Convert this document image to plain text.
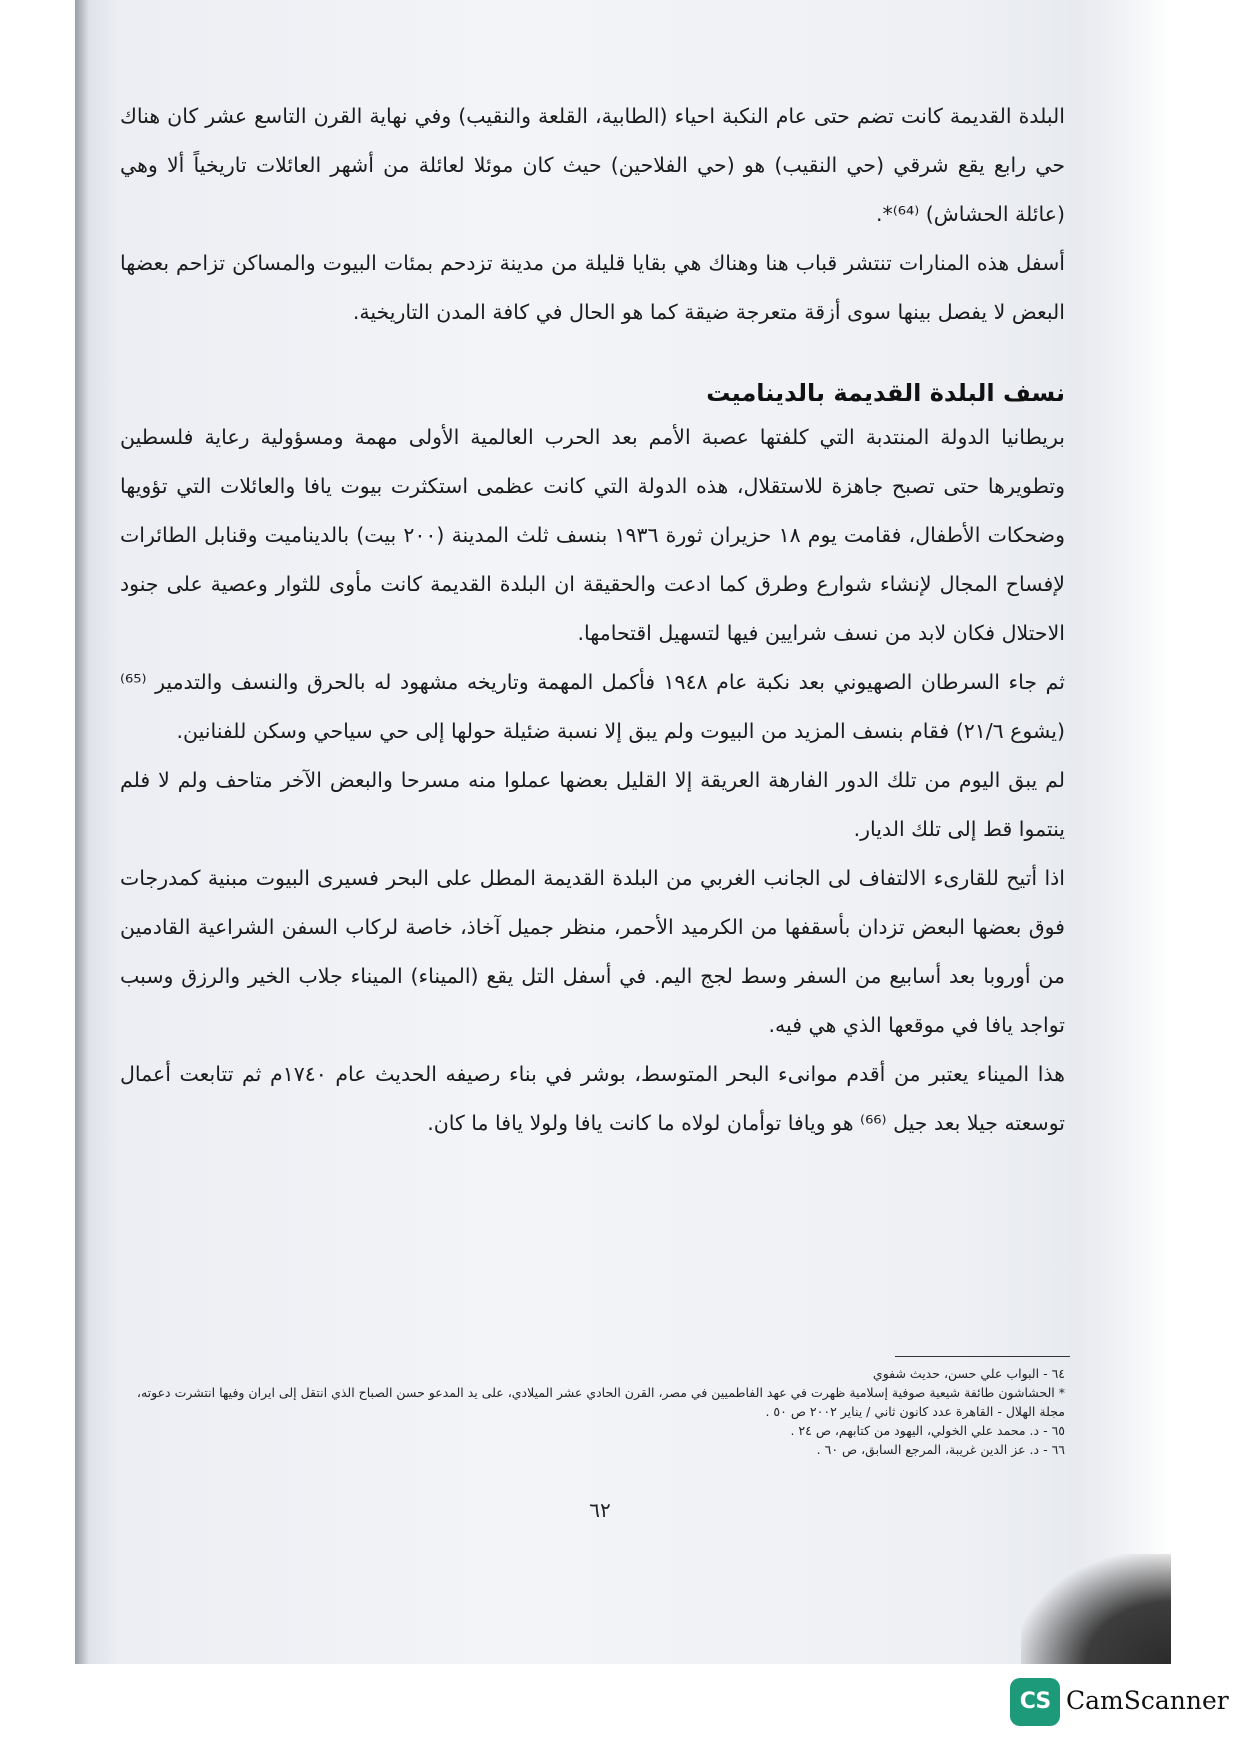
البلدة القديمة كانت تضم حتى عام النكبة احياء (الطابية، القلعة والنقيب) وفي نهاية القرن التاسع عشر كان هناك حي رابع يقع شرقي (حي النقيب) هو (حي الفلاحين) حيث كان موئلا لعائلة من أشهر العائلات تاريخياً ألا وهي (عائلة الحشاش) ⁽⁶⁴⁾*.

أسفل هذه المنارات تنتشر قباب هنا وهناك هي بقايا قليلة من مدينة تزدحم بمئات البيوت والمساكن تزاحم بعضها البعض لا يفصل بينها سوى أزقة متعرجة ضيقة كما هو الحال في كافة المدن التاريخية.

نسف البلدة القديمة بالديناميت

بريطانيا الدولة المنتدبة التي كلفتها عصبة الأمم بعد الحرب العالمية الأولى مهمة ومسؤولية رعاية فلسطين وتطويرها حتى تصبح جاهزة للاستقلال، هذه الدولة التي كانت عظمى استكثرت بيوت يافا والعائلات التي تؤويها وضحكات الأطفال، فقامت يوم ١٨ حزيران ثورة ١٩٣٦ بنسف ثلث المدينة (٢٠٠ بيت) بالديناميت وقنابل الطائرات لإفساح المجال لإنشاء شوارع وطرق كما ادعت والحقيقة ان البلدة القديمة كانت مأوى للثوار وعصية على جنود الاحتلال فكان لابد من نسف شرايين فيها لتسهيل اقتحامها.

ثم جاء السرطان الصهيوني بعد نكبة عام ١٩٤٨ فأكمل المهمة وتاريخه مشهود له بالحرق والنسف والتدمير ⁽⁶⁵⁾ (يشوع ٢١/٦) فقام بنسف المزيد من البيوت ولم يبق إلا نسبة ضئيلة حولها إلى حي سياحي وسكن للفنانين.

لم يبق اليوم من تلك الدور الفارهة العريقة إلا القليل بعضها عملوا منه مسرحا والبعض الآخر متاحف ولم لا فلم ينتموا قط إلى تلك الديار.

اذا أتيح للقارىء الالتفاف لى الجانب الغربي من البلدة القديمة المطل على البحر فسيرى البيوت مبنية كمدرجات فوق بعضها البعض تزدان بأسقفها من الكرميد الأحمر، منظر جميل آخاذ، خاصة لركاب السفن الشراعية القادمين من أوروبا بعد أسابيع من السفر وسط لجج اليم. في أسفل التل يقع (الميناء) الميناء جلاب الخير والرزق وسبب تواجد يافا في موقعها الذي هي فيه.

هذا الميناء يعتبر من أقدم موانىء البحر المتوسط، بوشر في بناء رصيفه الحديث عام ١٧٤٠م ثم تتابعت أعمال توسعته جيلا بعد جيل ⁽⁶⁶⁾ هو ويافا توأمان لولاه ما كانت يافا ولولا يافا ما كان.

٦٤ - البواب علي حسن، حديث شفوي
* الحشاشون طائفة شيعية صوفية إسلامية ظهرت في عهد الفاطميين في مصر، القرن الحادي عشر الميلادي، على يد المدعو حسن الصباح الذي انتقل إلى ايران وفيها انتشرت دعوته، مجلة الهلال - القاهرة عدد كانون ثاني / يناير ٢٠٠٢ ص ٥٠ .
٦٥ - د. محمد علي الخولي، اليهود من كتابهم، ص ٢٤ .
٦٦ - د. عز الدين غريبة، المرجع السابق، ص ٦٠ .
٦٢
CS CamScanner
